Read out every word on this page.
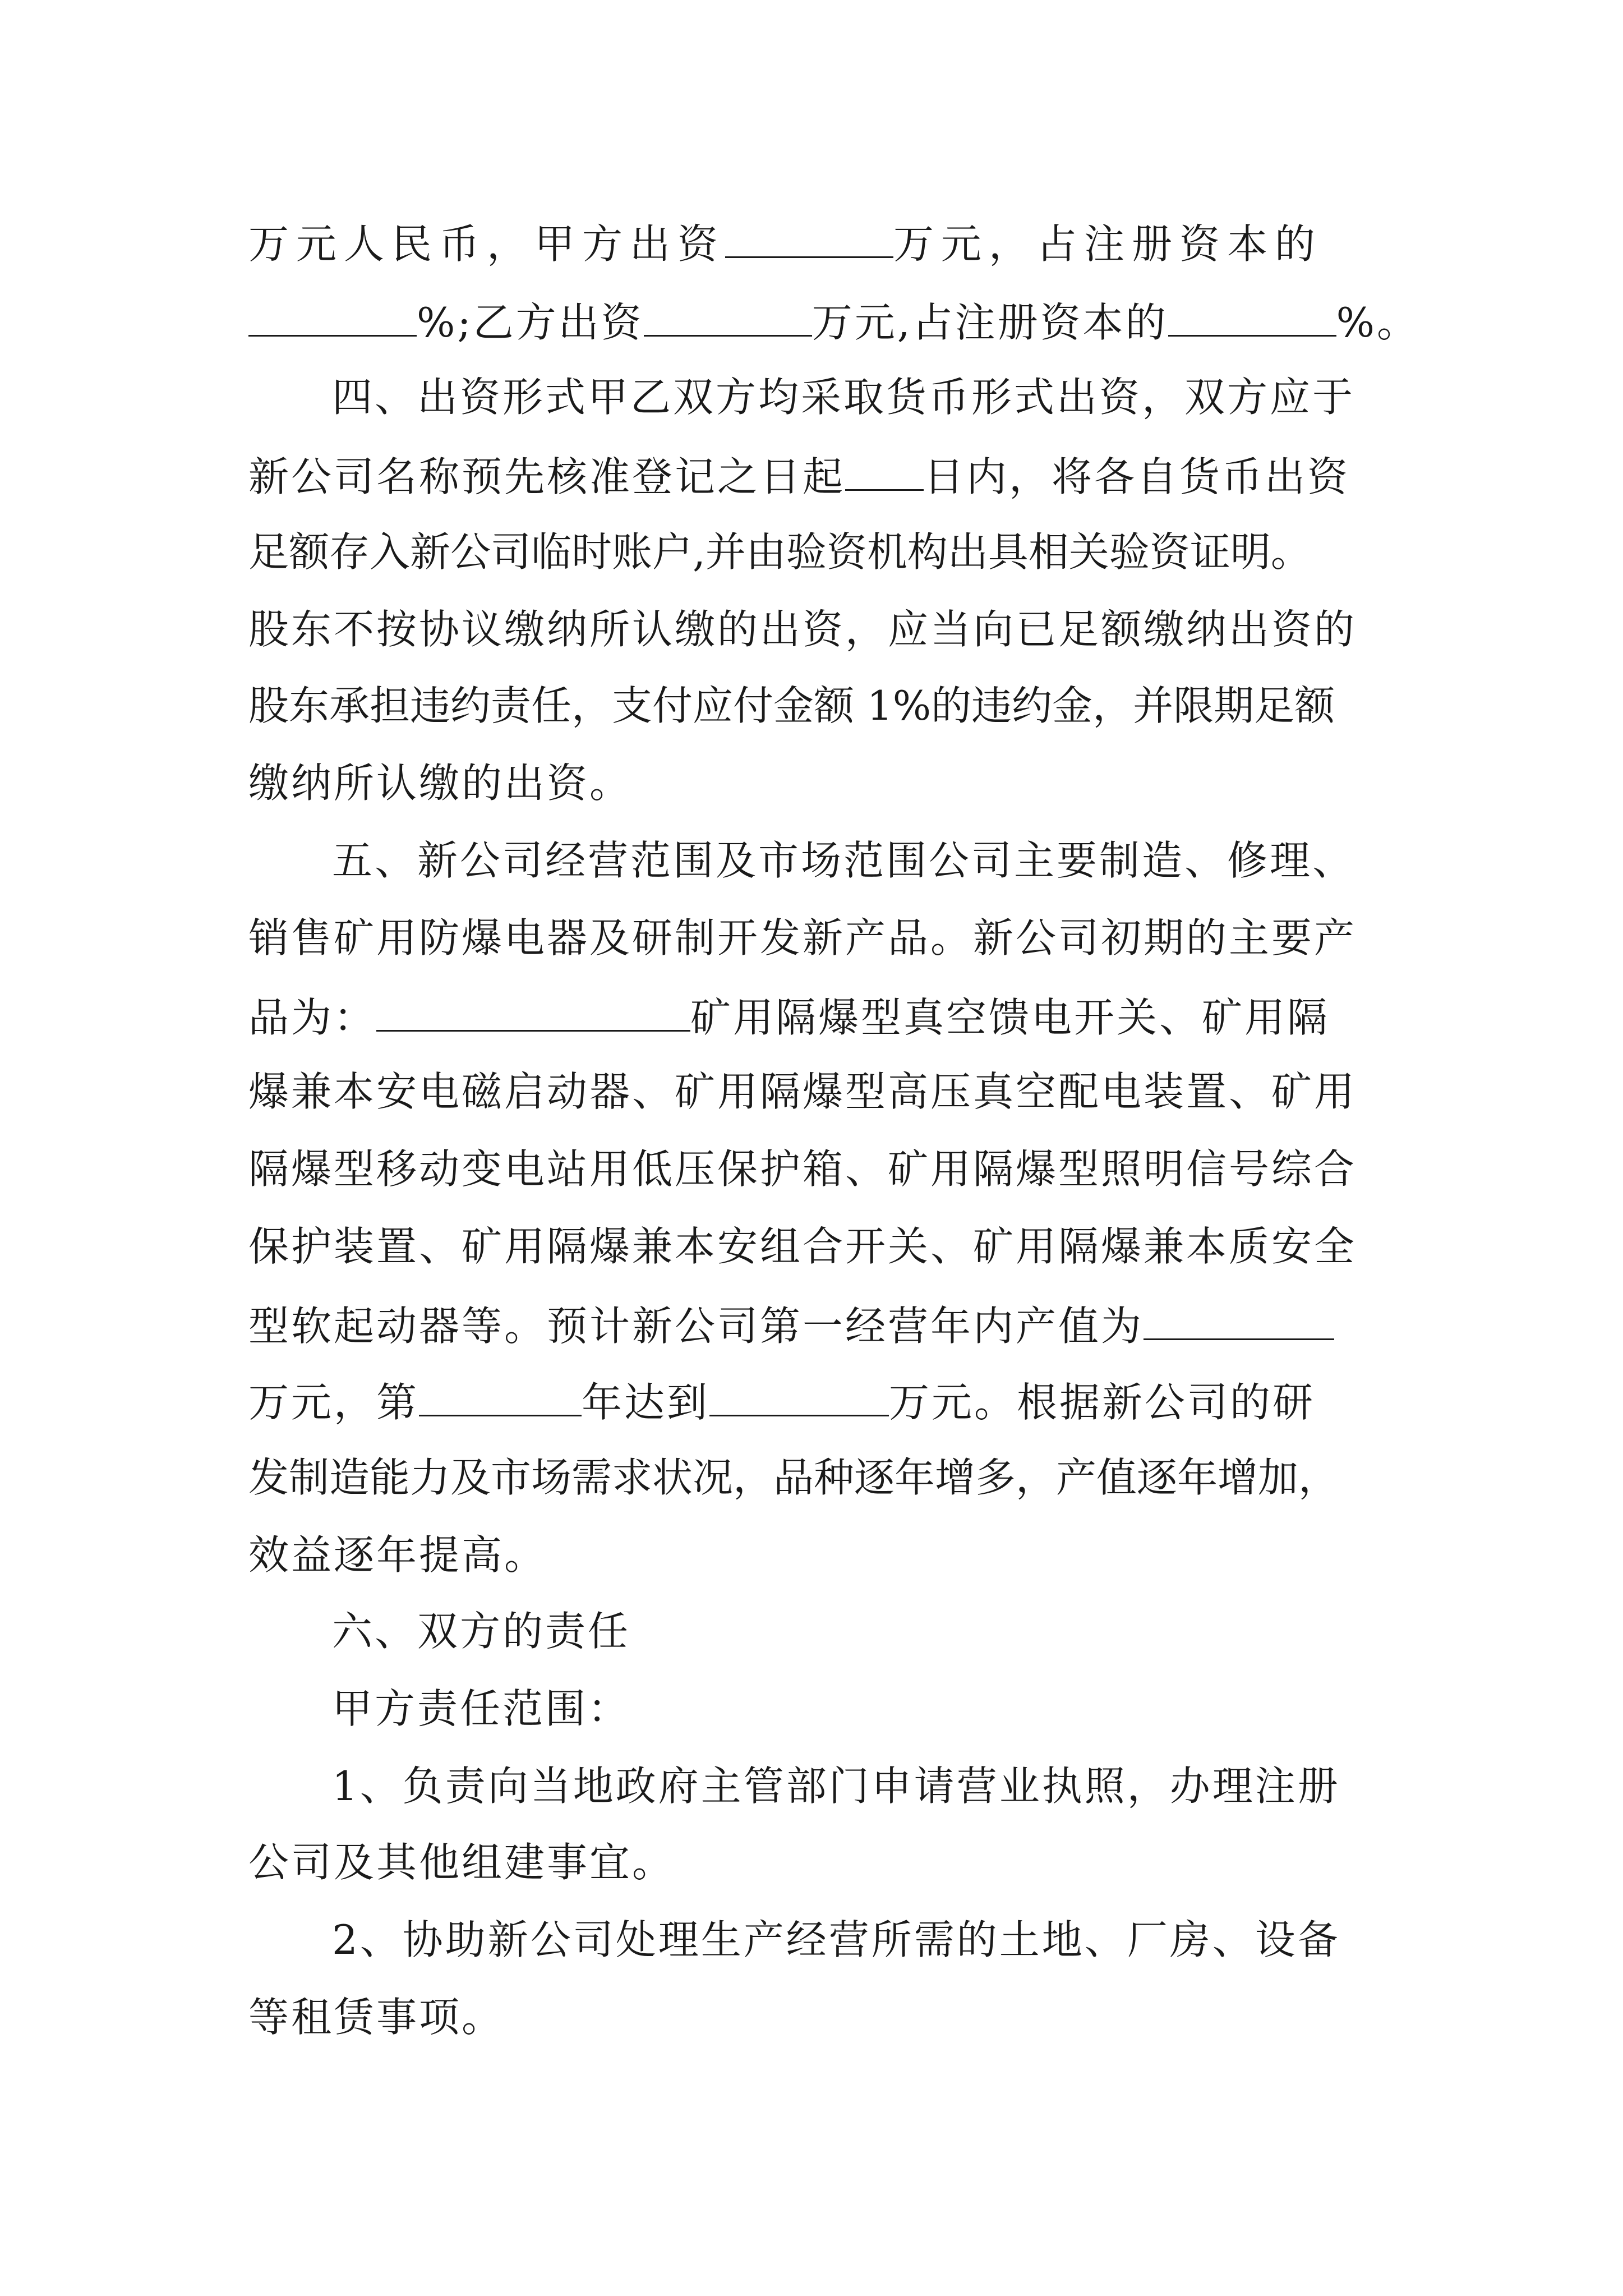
万元人民币，甲方出资	万元，占注册资本的
%;乙方出资	万元,占注册资本的	%。
四、出资形式甲乙双方均采取货币形式出资，双方应于
新公司名称预先核准登记之日起 日内，将各自货币出资
足额存入新公司临时账户,并由验资机构出具相关验资证明。
股东不按协议缴纳所认缴的出资，应当向已足额缴纳出资的
股东承担违约责任，支付应付金额 1%的违约金，并限期足额
缴纳所认缴的出资。
五、新公司经营范围及市场范围公司主要制造、修理、
销售矿用防爆电器及研制开发新产品。新公司初期的主要产
品为：	矿用隔爆型真空馈电开关、矿用隔
爆兼本安电磁启动器、矿用隔爆型高压真空配电装置、矿用
隔爆型移动变电站用低压保护箱、矿用隔爆型照明信号综合
保护装置、矿用隔爆兼本安组合开关、矿用隔爆兼本质安全
型软起动器等。预计新公司第一经营年内产值为
万元，第	年达到	万元。根据新公司的研
发制造能力及市场需求状况，品种逐年增多，产值逐年增加，
效益逐年提高。
六、双方的责任
甲方责任范围：
1、负责向当地政府主管部门申请营业执照，办理注册
公司及其他组建事宜。
2、协助新公司处理生产经营所需的土地、厂房、设备
等租赁事项。
